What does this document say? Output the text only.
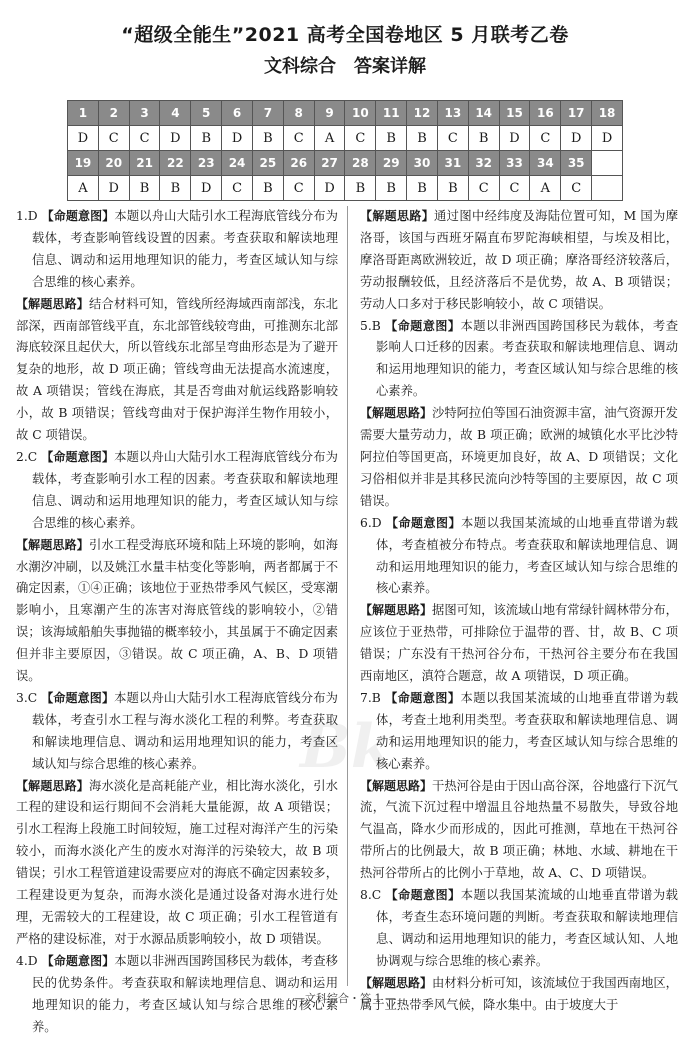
“超级全能生”2021 高考全国卷地区 5 月联考乙卷
文科综合　答案详解
1	2	3	4	5	6	7	8	9	10	11	12	13	14	15	16	17	18
D	C	C	D	B	D	B	C	A	C	B	B	C	B	D	C	D	D
19	20	21	22	23	24	25	26	27	28	29	30	31	32	33	34	35	
A	D	B	B	D	C	B	C	D	B	B	B	B	C	C	A	C	

1.D 【命题意图】本题以舟山大陆引水工程海底管线分布为载体，考查影响管线设置的因素。考查获取和解读地理信息、调动和运用地理知识的能力，考查区域认知与综合思维的核心素养。

【解题思路】结合材料可知，管线所经海域西南部浅，东北部深，西南部管线平直，东北部管线较弯曲，可推测东北部海底较深且起伏大，所以管线东北部呈弯曲形态是为了避开复杂的地形，故 D 项正确；管线弯曲无法提高水流速度，故 A 项错误；管线在海底，其是否弯曲对航运线路影响较小，故 B 项错误；管线弯曲对于保护海洋生物作用较小，故 C 项错误。

2.C 【命题意图】本题以舟山大陆引水工程海底管线分布为载体，考查影响引水工程的因素。考查获取和解读地理信息、调动和运用地理知识的能力，考查区域认知与综合思维的核心素养。

【解题思路】引水工程受海底环境和陆上环境的影响，如海水潮汐冲刷，以及姚江水量丰枯变化等影响，两者都属于不确定因素，①④正确；该地位于亚热带季风气候区，受寒潮影响小，且寒潮产生的冻害对海底管线的影响较小，②错误；该海域船舶失事抛锚的概率较小，其虽属于不确定因素但并非主要原因，③错误。故 C 项正确，A、B、D 项错误。

3.C 【命题意图】本题以舟山大陆引水工程海底管线分布为载体，考查引水工程与海水淡化工程的利弊。考查获取和解读地理信息、调动和运用地理知识的能力，考查区域认知与综合思维的核心素养。

【解题思路】海水淡化是高耗能产业，相比海水淡化，引水工程的建设和运行期间不会消耗大量能源，故 A 项错误；引水工程海上段施工时间较短，施工过程对海洋产生的污染较小，而海水淡化产生的废水对海洋的污染较大，故 B 项错误；引水工程管道建设需要应对的海底不确定因素较多，工程建设更为复杂，而海水淡化是通过设备对海水进行处理，无需较大的工程建设，故 C 项正确；引水工程管道有严格的建设标准，对于水源品质影响较小，故 D 项错误。

4.D 【命题意图】本题以非洲西国跨国移民为载体，考查移民的优势条件。考查获取和解读地理信息、调动和运用地理知识的能力，考查区域认知与综合思维的核心素养。

【解题思路】通过图中经纬度及海陆位置可知，M 国为摩洛哥，该国与西班牙隔直布罗陀海峡相望，与埃及相比，摩洛哥距离欧洲较近，故 D 项正确；摩洛哥经济较落后，劳动报酬较低，且经济落后不是优势，故 A、B 项错误；劳动人口多对于移民影响较小，故 C 项错误。

5.B 【命题意图】本题以非洲西国跨国移民为载体，考查影响人口迁移的因素。考查获取和解读地理信息、调动和运用地理知识的能力，考查区域认知与综合思维的核心素养。

【解题思路】沙特阿拉伯等国石油资源丰富，油气资源开发需要大量劳动力，故 B 项正确；欧洲的城镇化水平比沙特阿拉伯等国更高，环境更加良好，故 A、D 项错误；文化习俗相似并非是其移民流向沙特等国的主要原因，故 C 项错误。

6.D 【命题意图】本题以我国某流域的山地垂直带谱为载体，考查植被分布特点。考查获取和解读地理信息、调动和运用地理知识的能力，考查区域认知与综合思维的核心素养。

【解题思路】据图可知，该流域山地有常绿针阔林带分布，应该位于亚热带，可排除位于温带的晋、甘，故 B、C 项错误；广东没有干热河谷分布，干热河谷主要分布在我国西南地区，滇符合题意，故 A 项错误，D 项正确。

7.B 【命题意图】本题以我国某流域的山地垂直带谱为载体，考查土地利用类型。考查获取和解读地理信息、调动和运用地理知识的能力，考查区域认知与综合思维的核心素养。

【解题思路】干热河谷是由于因山高谷深，谷地盛行下沉气流，气流下沉过程中增温且谷地热量不易散失，导致谷地气温高，降水少而形成的，因此可推测，草地在干热河谷带所占的比例最大，故 B 项正确；林地、水域、耕地在干热河谷带所占的比例小于草地，故 A、C、D 项错误。

8.C 【命题意图】本题以我国某流域的山地垂直带谱为载体，考查生态环境问题的判断。考查获取和解读地理信息、调动和运用地理知识的能力，考查区域认知、人地协调观与综合思维的核心素养。

【解题思路】由材料分析可知，该流域位于我国西南地区，属于亚热带季风气候，降水集中。由于坡度大于

Bk
—文科综合・答 1 —
